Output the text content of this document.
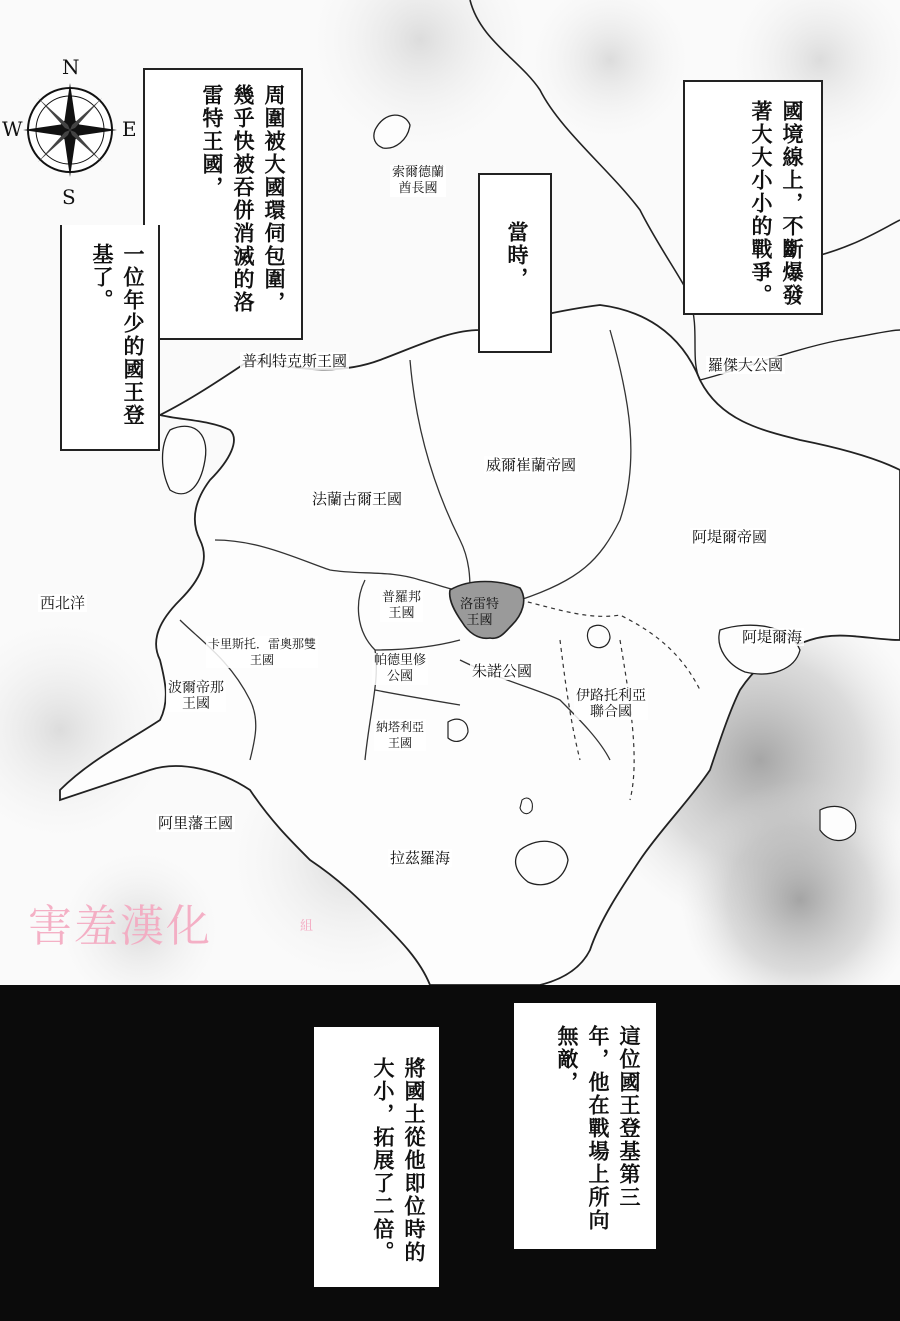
N
S
E
W
索爾德蘭
酋長國
普利特克斯王國	羅傑大公國
威爾崔蘭帝國
法蘭古爾王國
阿堤爾帝國
西北洋	普羅邦
王國
洛雷特
王國
阿堤爾海
卡里斯托．雷奧那雙
王國	帕德里修
公國	朱諾公國
波爾帝那
王國	伊路托利亞
聯合國
納塔利亞
王國
阿里藩王國
拉茲羅海
周圍被大國環伺包圍，幾乎快被吞併消滅的洛雷特王國，
一位年少的國王登基了。	當時，	國境線上，不斷爆發著大大小小的戰爭。
害羞漢化	組
這位國王登基第三年，他在戰場上所向無敵，
將國土從他即位時的大小，拓展了二倍。
